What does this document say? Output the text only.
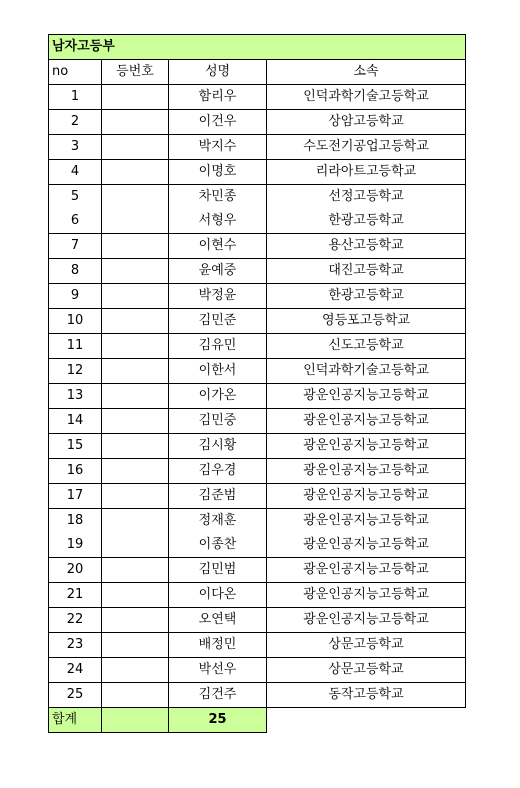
남자고등부			
no	등번호	성명	소속
1		함리우	인덕과학기술고등학교
2		이건우	상암고등학교
3		박지수	수도전기공업고등학교
4		이명호	리라아트고등학교
5		차민종	선정고등학교
6		서형우	한광고등학교
7		이현수	용산고등학교
8		윤예중	대진고등학교
9		박정윤	한광고등학교
10		김민준	영등포고등학교
11		김유민	신도고등학교
12		이한서	인덕과학기술고등학교
13		이가온	광운인공지능고등학교
14		김민중	광운인공지능고등학교
15		김시황	광운인공지능고등학교
16		김우경	광운인공지능고등학교
17		김준범	광운인공지능고등학교
18		정재훈	광운인공지능고등학교
19		이종찬	광운인공지능고등학교
20		김민범	광운인공지능고등학교
21		이다온	광운인공지능고등학교
22		오연택	광운인공지능고등학교
23		배정민	상문고등학교
24		박선우	상문고등학교
25		김건주	동작고등학교
합계		25	
